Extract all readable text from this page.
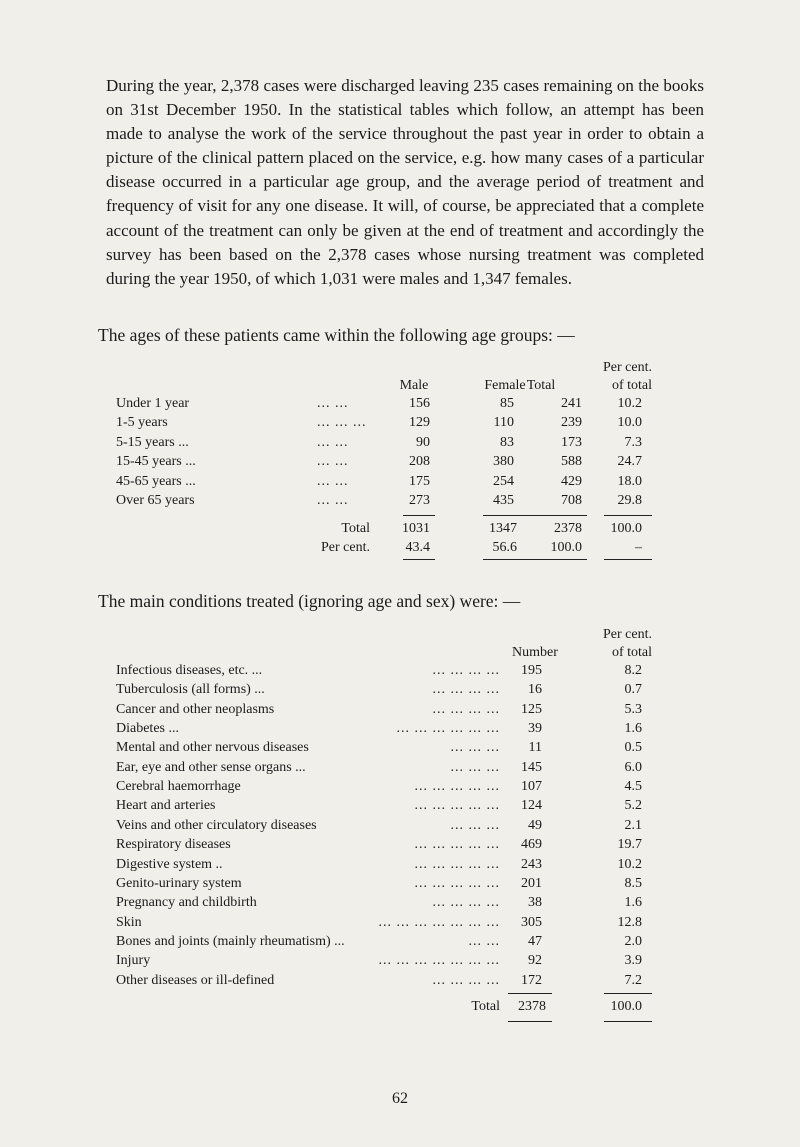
During the year, 2,378 cases were discharged leaving 235 cases remaining on the books on 31st December 1950. In the statistical tables which follow, an attempt has been made to analyse the work of the service throughout the past year in order to obtain a picture of the clinical pattern placed on the service, e.g. how many cases of a particular disease occurred in a particular age group, and the average period of treatment and frequency of visit for any one disease. It will, of course, be appreciated that a complete account of the treatment can only be given at the end of treatment and accordingly the survey has been based on the 2,378 cases whose nursing treatment was completed during the year 1950, of which 1,031 were males and 1,347 females.
The ages of these patients came within the following age groups: —
Per cent.
Male	Female Total	of total
Under 1 year	... ...	156	85	241	10.2
1-5 years	... ... ...	129	110	239	10.0
5-15 years ...	... ...	90	83	173	7.3
15-45 years ...	... ...	208	380	588	24.7
45-65 years ...	... ...	175	254	429	18.0
Over 65 years	... ...	273	435	708	29.8
Total	1031	1347	2378	100.0
Per cent.	43.4	56.6	100.0	–
The main conditions treated (ignoring age and sex) were: —
Per cent.
Number	of total
Infectious diseases, etc. ...	... ... ... ...	195	8.2
Tuberculosis (all forms) ...	... ... ... ...	16	0.7
Cancer and other neoplasms	... ... ... ...	125	5.3
Diabetes ...	... ... ... ... ... ...	39	1.6
Mental and other nervous diseases	... ... ...	11	0.5
Ear, eye and other sense organs ...	... ... ...	145	6.0
Cerebral haemorrhage	... ... ... ... ...	107	4.5
Heart and arteries	... ... ... ... ...	124	5.2
Veins and other circulatory diseases	... ... ...	49	2.1
Respiratory diseases	... ... ... ... ...	469	19.7
Digestive system ..	... ... ... ... ...	243	10.2
Genito-urinary system	... ... ... ... ...	201	8.5
Pregnancy and childbirth	... ... ... ...	38	1.6
Skin	... ... ... ... ... ... ...	305	12.8
Bones and joints (mainly rheumatism) ...	... ...	47	2.0
Injury	... ... ... ... ... ... ...	92	3.9
Other diseases or ill-defined	... ... ... ...	172	7.2
Total	2378	100.0
62
